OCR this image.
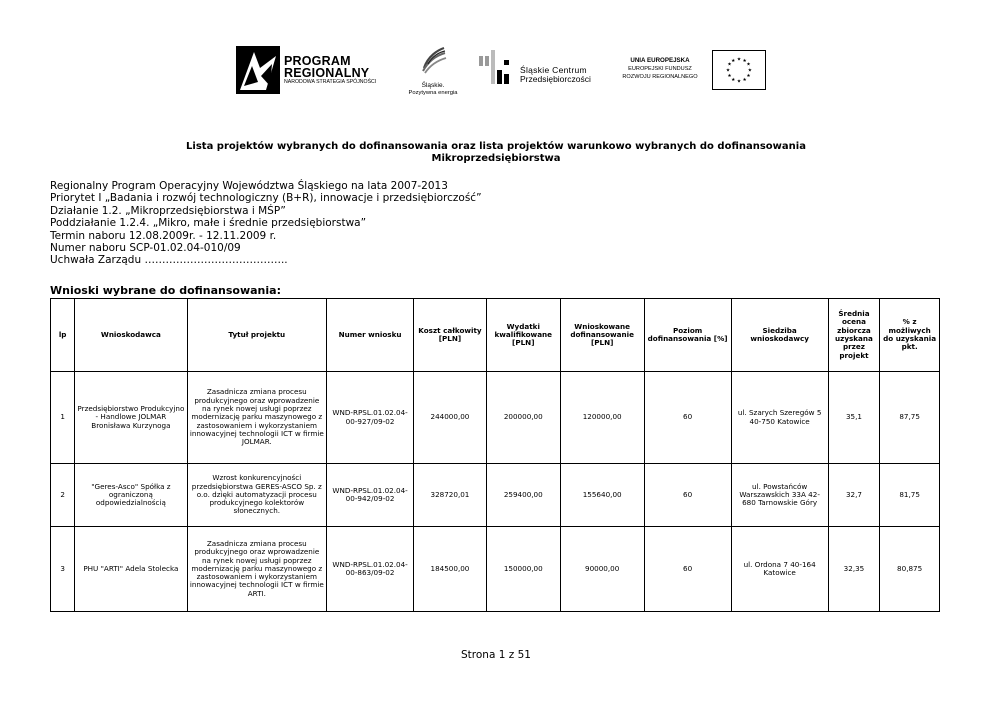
PROGRAM
REGIONALNY
NARODOWA STRATEGIA SPÓJNOŚCI	Śląskie.
Pozytywna energia
Śląskie Centrum
Przedsiębiorczości
UNIA EUROPEJSKA
EUROPEJSKI FUNDUSZ
ROZWOJU REGIONALNEGO
★ ★
★
★
★
★
★
★
★
★
★
★
Lista projektów wybranych do dofinansowania oraz lista projektów warunkowo wybranych do dofinansowania
Mikroprzedsiębiorstwa
Regionalny Program Operacyjny Województwa Śląskiego na lata 2007-2013
Priorytet I „Badania i rozwój technologiczny (B+R), innowacje i przedsiębiorczość”
Działanie 1.2. „Mikroprzedsiębiorstwa i MŚP”
Poddziałanie 1.2.4. „Mikro, małe i średnie przedsiębiorstwa”
Termin naboru 12.08.2009r. - 12.11.2009 r.
Numer naboru SCP-01.02.04-010/09
Uchwała Zarządu …………………………………..
Wnioski wybrane do dofinansowania:
lp	Wnioskodawca	Tytuł projektu	Numer wniosku	Koszt całkowity [PLN]	Wydatki kwalifikowane [PLN]	Wnioskowane dofinansowanie [PLN]	Poziom dofinansowania [%]	Siedziba wnioskodawcy	Średnia ocena zbiorcza uzyskana przez projekt	% z możliwych do uzyskania pkt.
1	Przedsiębiorstwo Produkcyjno - Handlowe JOLMAR Bronisława Kurzynoga	Zasadnicza zmiana procesu produkcyjnego oraz wprowadzenie na rynek nowej usługi poprzez modernizację parku maszynowego z zastosowaniem i wykorzystaniem innowacyjnej technologii ICT w firmie JOLMAR.	WND-RPSL.01.02.04-00-927/09-02	244000,00	200000,00	120000,00	60	ul. Szarych Szeregów 5 40-750 Katowice	35,1	87,75
2	"Geres-Asco" Spółka z ograniczoną odpowiedzialnością	Wzrost konkurencyjności przedsiębiorstwa GERES-ASCO Sp. z o.o. dzięki automatyzacji procesu produkcyjnego kolektorów słonecznych.	WND-RPSL.01.02.04-00-942/09-02	328720,01	259400,00	155640,00	60	ul. Powstańców Warszawskich 33A 42-680 Tarnowskie Góry	32,7	81,75
3	PHU "ARTI" Adela Stolecka	Zasadnicza zmiana procesu produkcyjnego oraz wprowadzenie na rynek nowej usługi poprzez modernizację parku maszynowego z zastosowaniem i wykorzystaniem innowacyjnej technologii ICT w firmie ARTI.	WND-RPSL.01.02.04-00-863/09-02	184500,00	150000,00	90000,00	60	ul. Ordona 7 40-164 Katowice	32,35	80,875
Strona 1 z 51
